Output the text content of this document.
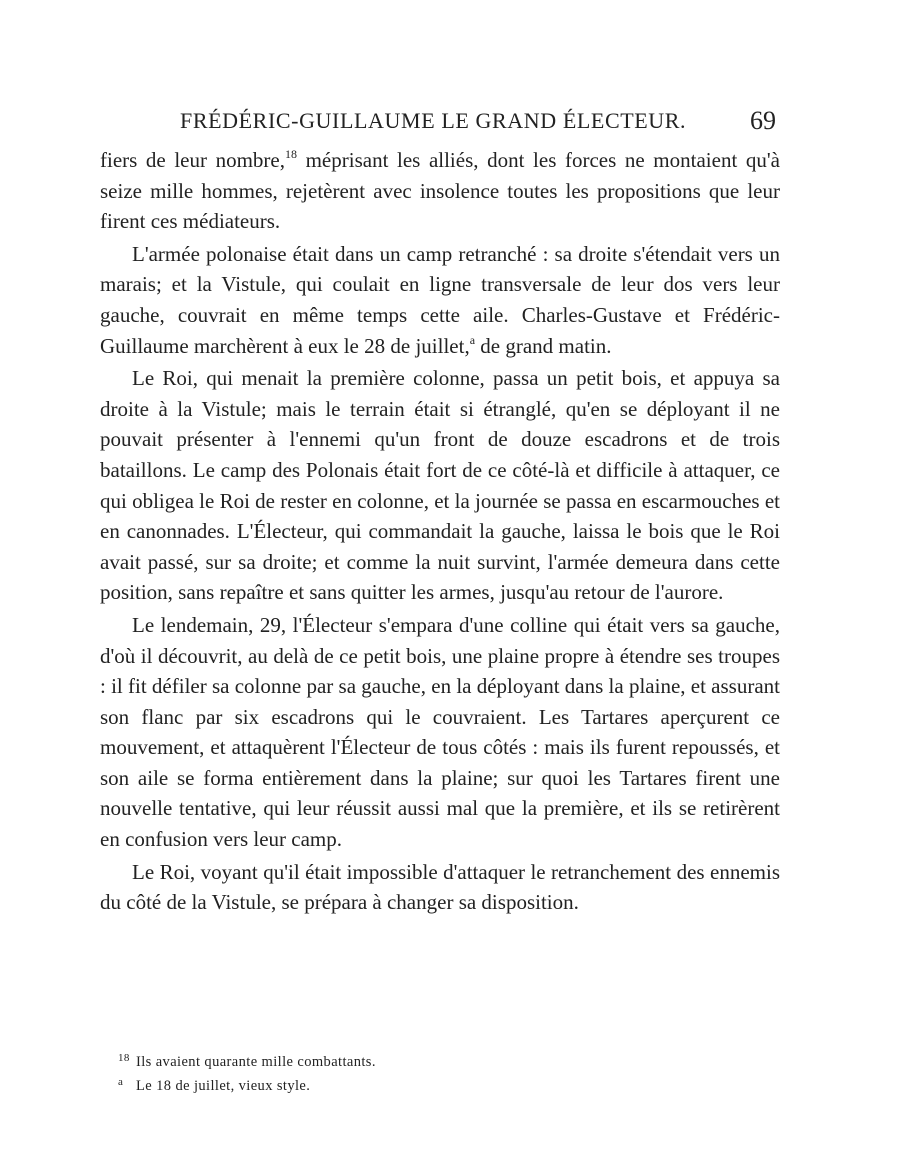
FRÉDÉRIC-GUILLAUME LE GRAND ÉLECTEUR. 69

fiers de leur nombre,$^{18}$ méprisant les alliés, dont les forces ne montaient qu'à seize mille hommes, rejetèrent avec insolence toutes les propositions que leur firent ces médiateurs.

L'armée polonaise était dans un camp retranché : sa droite s'étendait vers un marais; et la Vistule, qui coulait en ligne transversale de leur dos vers leur gauche, couvrait en même temps cette aile. Charles-Gustave et Frédéric-Guillaume marchèrent à eux le 28 de juillet,$^a$ de grand matin.

Le Roi, qui menait la première colonne, passa un petit bois, et appuya sa droite à la Vistule; mais le terrain était si étranglé, qu'en se déployant il ne pouvait présenter à l'ennemi qu'un front de douze escadrons et de trois bataillons. Le camp des Polonais était fort de ce côté-là et difficile à attaquer, ce qui obligea le Roi de rester en colonne, et la journée se passa en escarmouches et en canonnades. L'Électeur, qui commandait la gauche, laissa le bois que le Roi avait passé, sur sa droite; et comme la nuit survint, l'armée demeura dans cette position, sans repaître et sans quitter les armes, jusqu'au retour de l'aurore.

Le lendemain, 29, l'Électeur s'empara d'une colline qui était vers sa gauche, d'où il découvrit, au delà de ce petit bois, une plaine propre à étendre ses troupes : il fit défiler sa colonne par sa gauche, en la déployant dans la plaine, et assurant son flanc par six escadrons qui le couvraient. Les Tartares aperçurent ce mouvement, et attaquèrent l'Électeur de tous côtés : mais ils furent repoussés, et son aile se forma entièrement dans la plaine; sur quoi les Tartares firent une nouvelle tentative, qui leur réussit aussi mal que la première, et ils se retirèrent en confusion vers leur camp.

Le Roi, voyant qu'il était impossible d'attaquer le retranchement des ennemis du côté de la Vistule, se prépara à changer sa disposition.

18 Ils avaient quarante mille combattants.

a Le 18 de juillet, vieux style.
